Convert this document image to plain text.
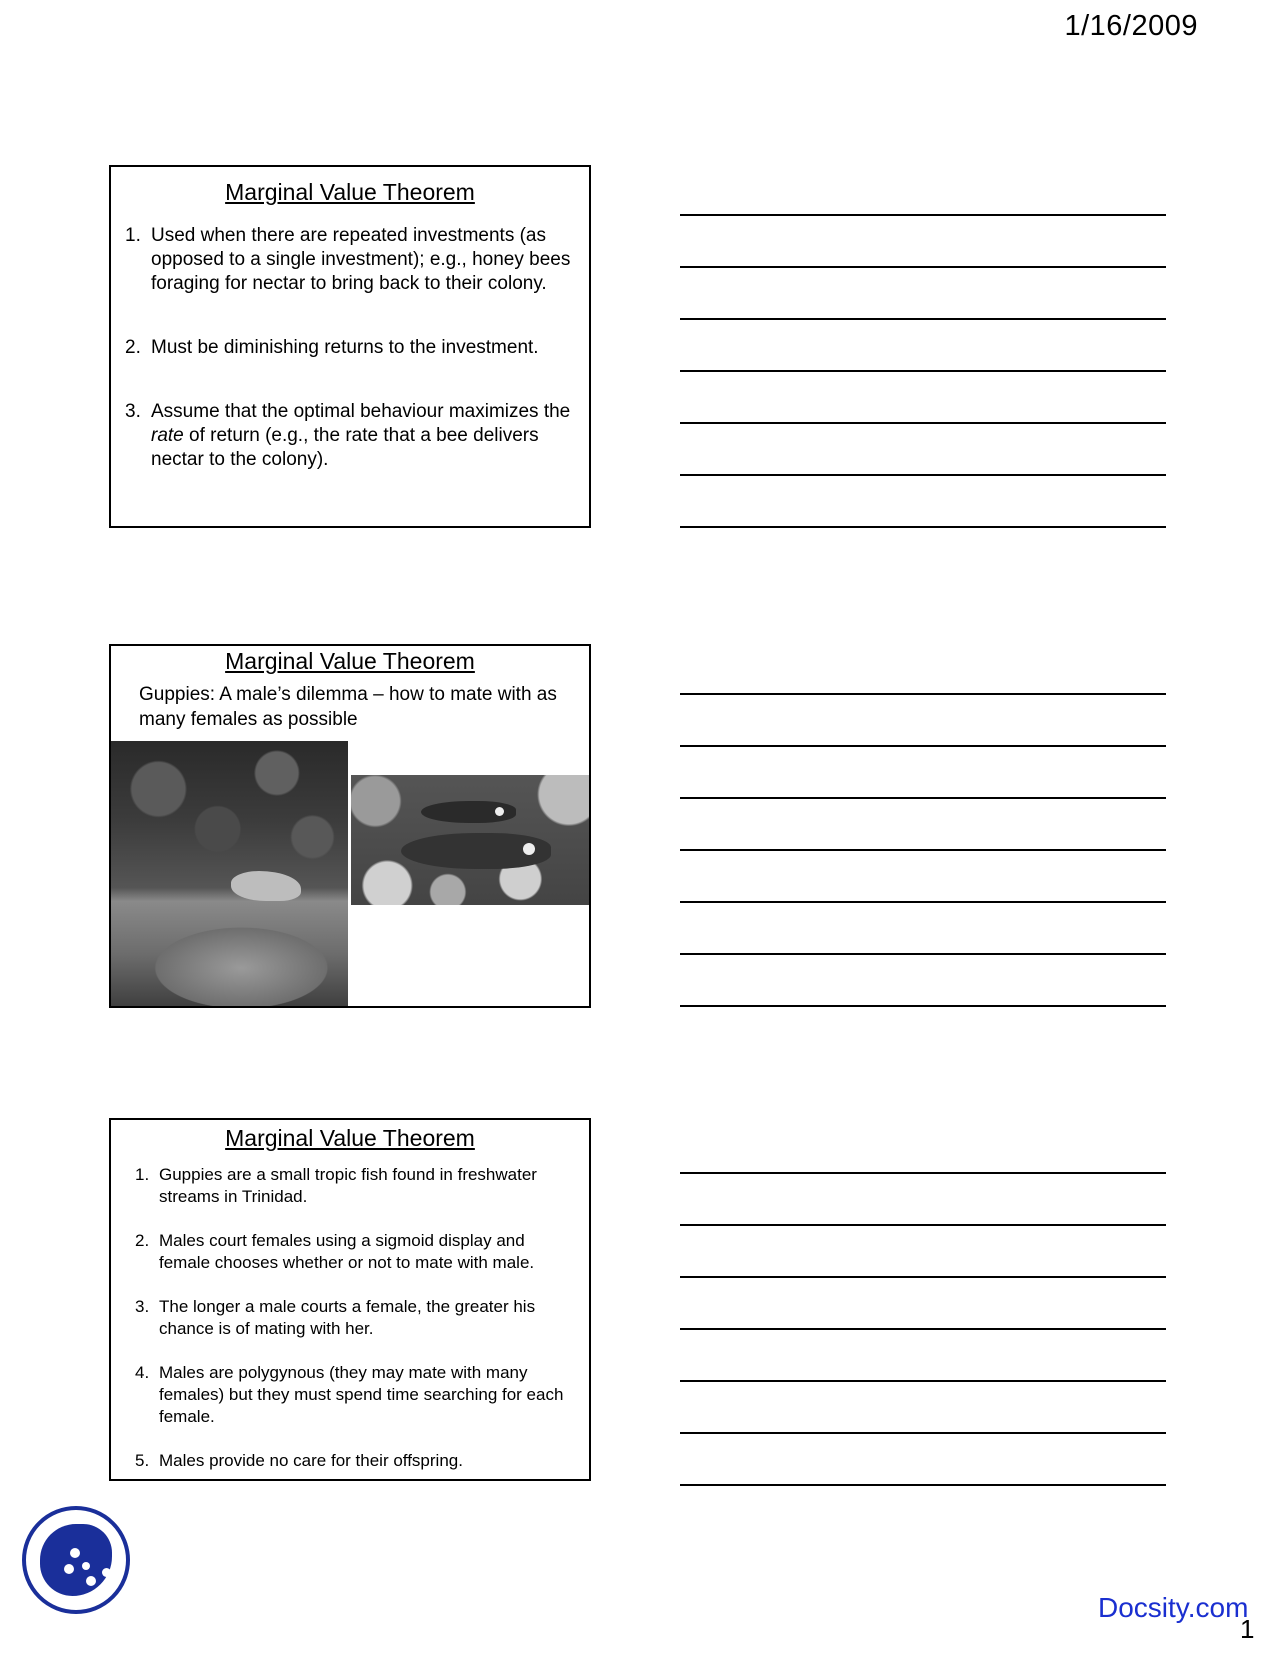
1/16/2009
Marginal Value Theorem
1. Used when there are repeated investments (as opposed to a single investment); e.g., honey bees foraging for nectar to bring back to their colony.
2. Must be diminishing returns to the investment.
3. Assume that the optimal behaviour maximizes the rate of return (e.g., the rate that a bee delivers nectar to the colony).
Marginal Value Theorem
Guppies: A male’s dilemma – how to mate with as many females as possible
Marginal Value Theorem
1. Guppies are a small tropic fish found in freshwater streams in Trinidad.
2. Males court females using a sigmoid display and female chooses whether or not to mate with male.
3. The longer a male courts a female, the greater his chance is of mating with her.
4. Males are polygynous (they may mate with many females) but they must spend time searching for each female.
5. Males provide no care for their offspring.
Docsity.com
1
